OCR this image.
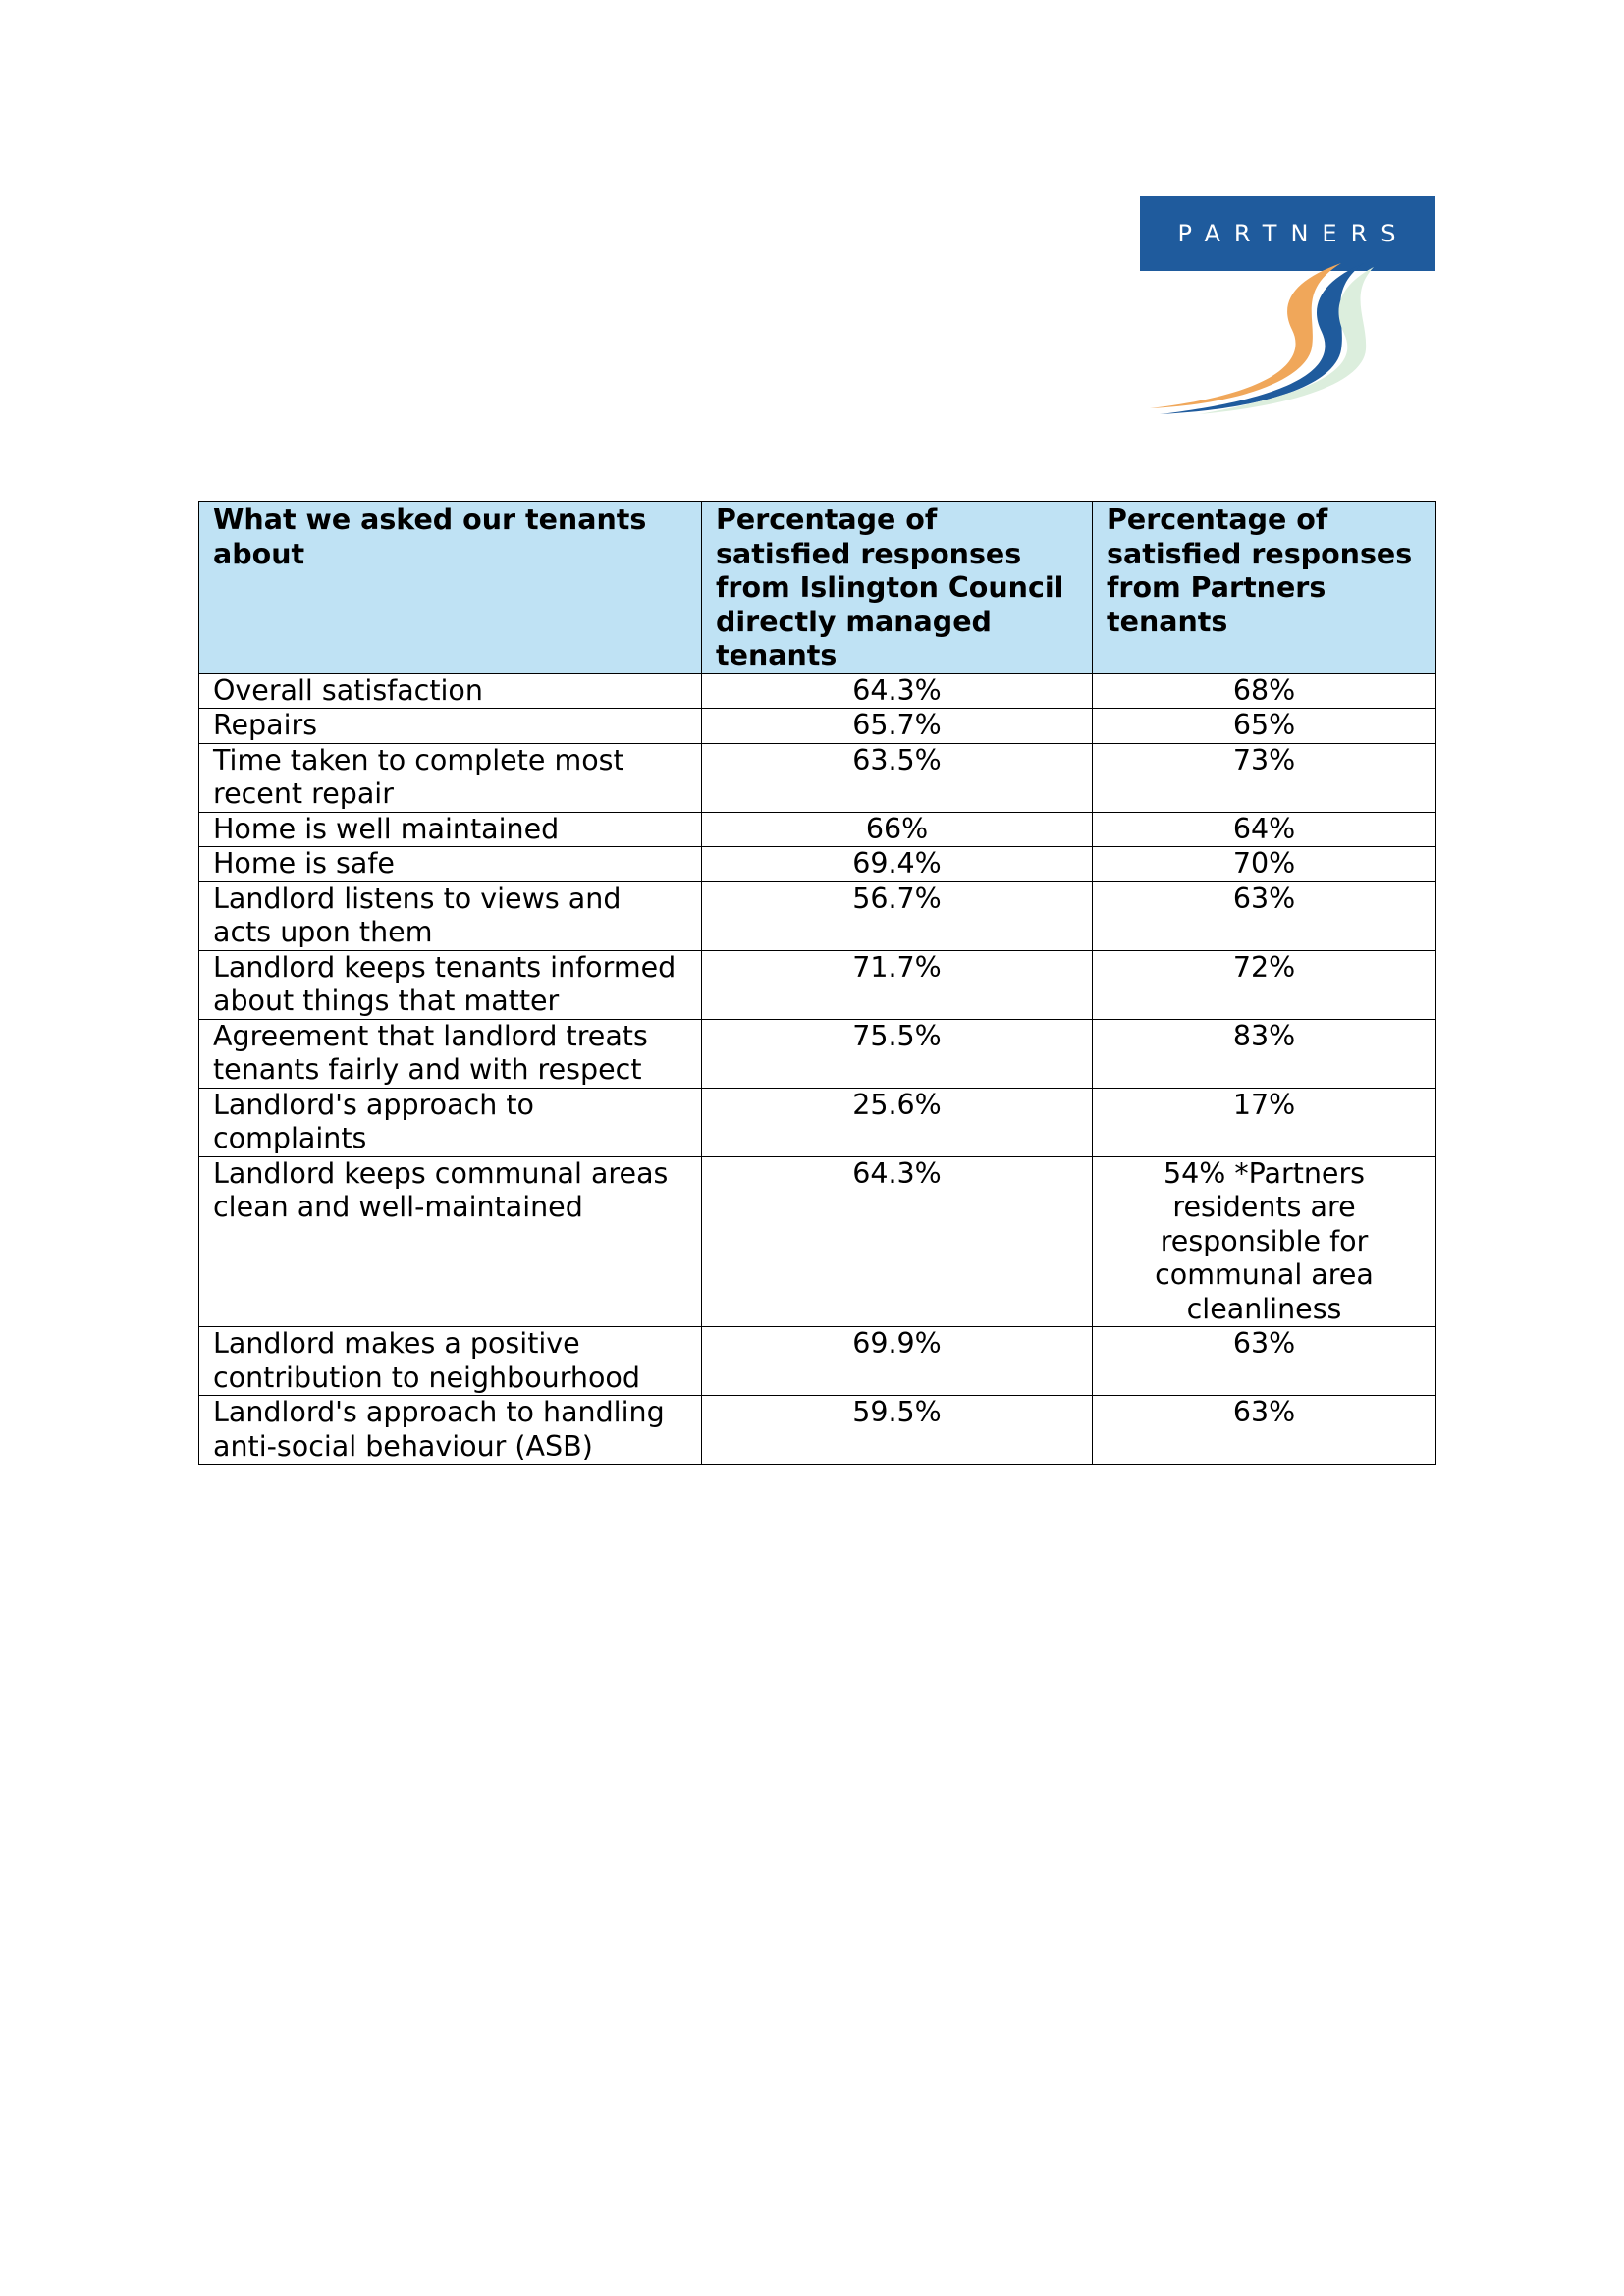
PARTNERS
What we asked our tenants about	Percentage of satisfied responses from Islington Council directly managed tenants	Percentage of satisfied responses from Partners tenants
Overall satisfaction	64.3%	68%
Repairs	65.7%	65%
Time taken to complete most recent repair	63.5%	73%
Home is well maintained	66%	64%
Home is safe	69.4%	70%
Landlord listens to views and acts upon them	56.7%	63%
Landlord keeps tenants informed about things that matter	71.7%	72%
Agreement that landlord treats tenants fairly and with respect	75.5%	83%
Landlord's approach to complaints	25.6%	17%
Landlord keeps communal areas clean and well-maintained	64.3%	54% *Partners residents are responsible for communal area cleanliness
Landlord makes a positive contribution to neighbourhood	69.9%	63%
Landlord's approach to handling anti-social behaviour (ASB)	59.5%	63%
